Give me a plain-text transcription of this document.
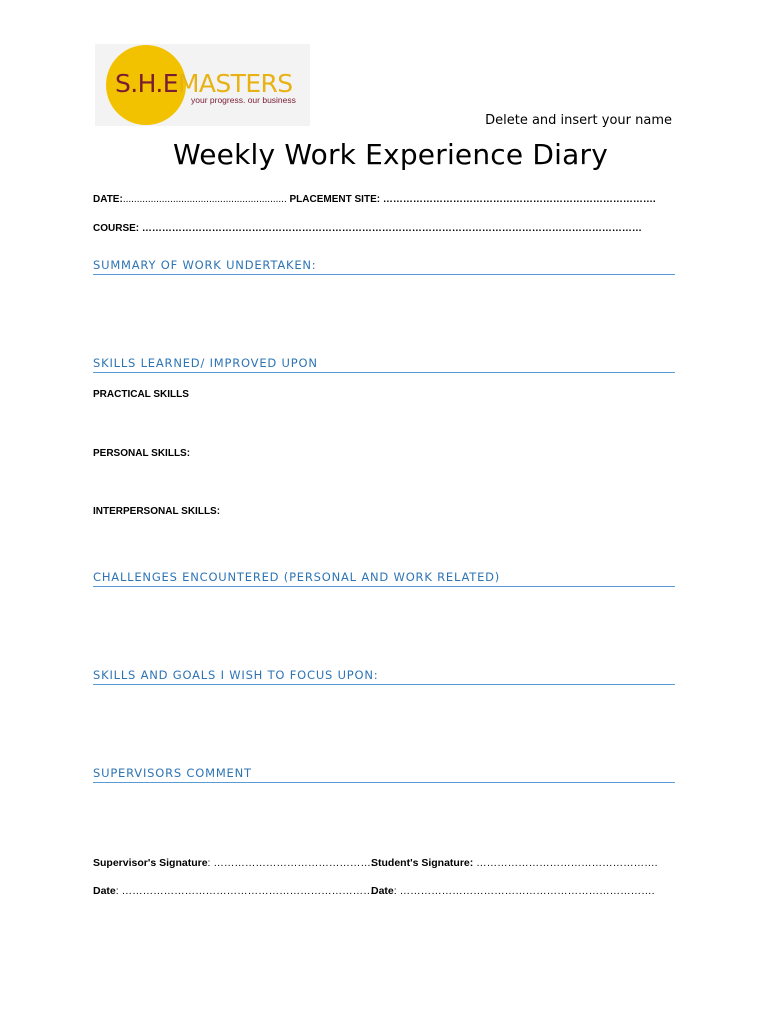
S.H.EMASTERS
your progress. our business
Delete and insert your name
Weekly Work Experience Diary
DATE:........................................................... PLACEMENT SITE: ……………………………………………………………………….
COURSE: ……………………………………………………………………………………………………………………………………
SUMMARY OF WORK UNDERTAKEN:
SKILLS LEARNED/ IMPROVED UPON
PRACTICAL SKILLS
PERSONAL SKILLS:
INTERPERSONAL SKILLS:
CHALLENGES ENCOUNTERED (PERSONAL AND WORK RELATED)
SKILLS AND GOALS I WISH TO FOCUS UPON:
SUPERVISORS COMMENT
Supervisor's Signature: ……………………………………….
Student's Signature: …………………………………………….
Date: ……………………………………………………………….
Date: ……………………………………………………………….
